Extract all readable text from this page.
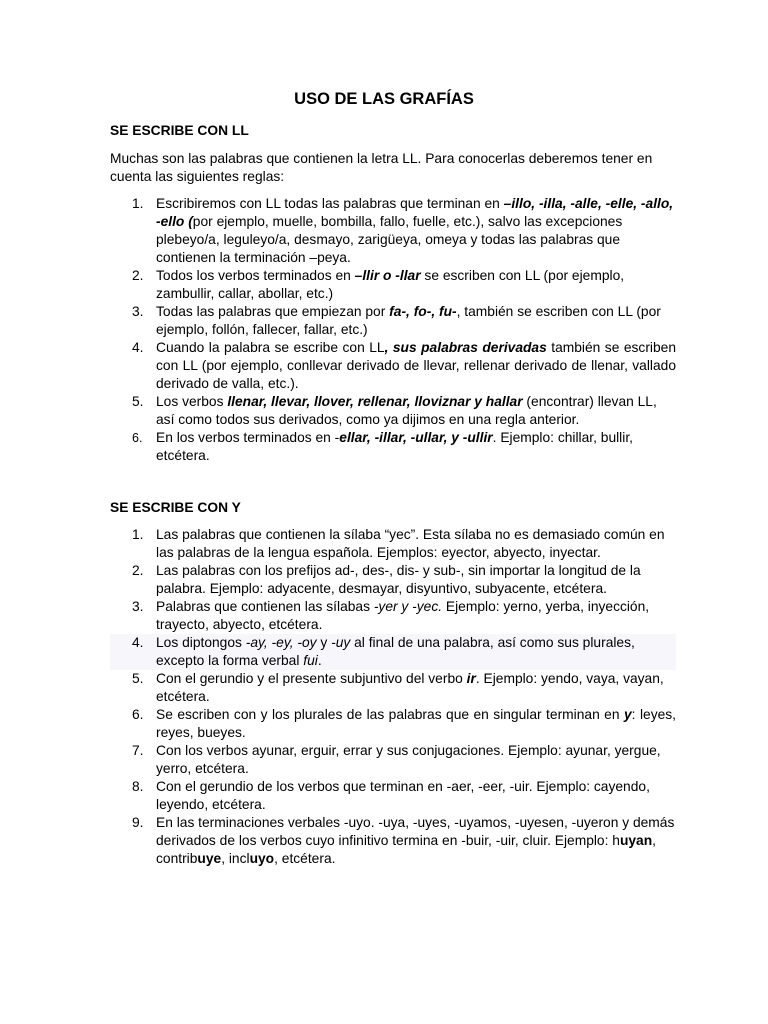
USO DE LAS GRAFÍAS
SE ESCRIBE CON LL
Muchas son las palabras que contienen la letra LL. Para conocerlas deberemos tener en cuenta las siguientes reglas:
1. Escribiremos con LL todas las palabras que terminan en –illo, -illa, -alle, -elle, -allo, -ello (por ejemplo, muelle, bombilla, fallo, fuelle, etc.), salvo las excepciones plebeyo/a, leguleyo/a, desmayo, zarigüeya, omeya y todas las palabras que contienen la terminación –peya.
2. Todos los verbos terminados en –llir o -llar se escriben con LL (por ejemplo, zambullir, callar, abollar, etc.)
3. Todas las palabras que empiezan por fa-, fo-, fu-, también se escriben con LL (por ejemplo, follón, fallecer, fallar, etc.)
4. Cuando la palabra se escribe con LL, sus palabras derivadas también se escriben con LL (por ejemplo, conllevar derivado de llevar, rellenar derivado de llenar, vallado derivado de valla, etc.).
5. Los verbos llenar, llevar, llover, rellenar, lloviznar y hallar (encontrar) llevan LL, así como todos sus derivados, como ya dijimos en una regla anterior.
6. En los verbos terminados en -ellar, -illar, -ullar, y -ullir. Ejemplo: chillar, bullir, etcétera.
SE ESCRIBE CON Y
1. Las palabras que contienen la sílaba “yec”. Esta sílaba no es demasiado común en las palabras de la lengua española. Ejemplos: eyector, abyecto, inyectar.
2. Las palabras con los prefijos ad-, des-, dis- y sub-, sin importar la longitud de la palabra. Ejemplo: adyacente, desmayar, disyuntivo, subyacente, etcétera.
3. Palabras que contienen las sílabas -yer y -yec. Ejemplo: yerno, yerba, inyección, trayecto, abyecto, etcétera.
4. Los diptongos -ay, -ey, -oy y -uy al final de una palabra, así como sus plurales, excepto la forma verbal fui.
5. Con el gerundio y el presente subjuntivo del verbo ir. Ejemplo: yendo, vaya, vayan, etcétera.
6. Se escriben con y los plurales de las palabras que en singular terminan en y: leyes, reyes, bueyes.
7. Con los verbos ayunar, erguir, errar y sus conjugaciones. Ejemplo: ayunar, yergue, yerro, etcétera.
8. Con el gerundio de los verbos que terminan en -aer, -eer, -uir. Ejemplo: cayendo, leyendo, etcétera.
9. En las terminaciones verbales -uyo. -uya, -uyes, -uyamos, -uyesen, -uyeron y demás derivados de los verbos cuyo infinitivo termina en -buir, -uir, cluir. Ejemplo: huyan, contribuye, incluyo, etcétera.
